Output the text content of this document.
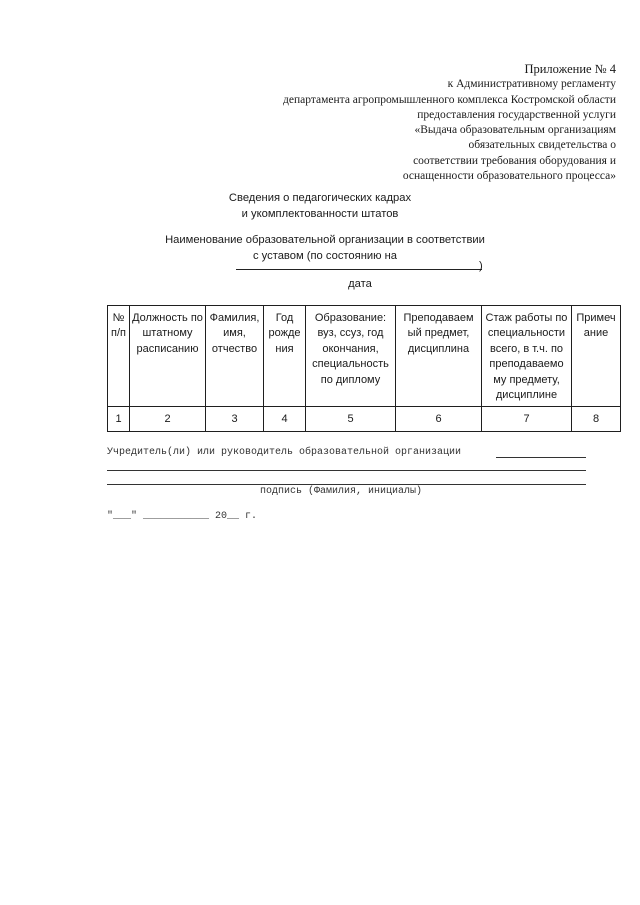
Приложение № 4
к Административному регламенту
департамента агропромышленного комплекса Костромской области
предоставления государственной услуги
«Выдача образовательным организациям
обязательных свидетельства о
соответствии требования оборудования и
оснащенности образовательного процесса»
Сведения о педагогических кадрах
и укомплектованности штатов
Наименование образовательной организации в соответствии
с уставом (по состоянию на
)
дата
№ п/п	Должность по штатному расписанию	Фамилия, имя, отчество	Год рожде ния	Образование: вуз, ссуз, год окончания, специальность по диплому	Преподаваем ый предмет, дисциплина	Стаж работы по специальности всего, в т.ч. по преподаваемо му предмету, дисциплине	Примеч ание
1	2	3	4	5	6	7	8
Учредитель(ли) или руководитель образовательной организации
подпись (Фамилия, инициалы)
"___" ___________ 20__ г.
